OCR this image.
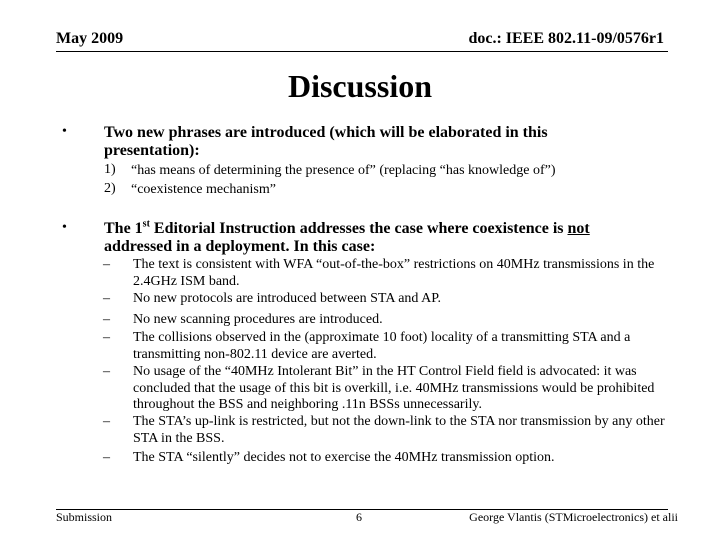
May 2009	doc.: IEEE 802.11-09/0576r1
Discussion
• Two new phrases are introduced (which will be elaborated in this presentation):
1) “has means of determining the presence of” (replacing “has knowledge of”)
2) “coexistence mechanism”
• The 1st Editorial Instruction addresses the case where coexistence is not addressed in a deployment. In this case:
– The text is consistent with WFA “out-of-the-box” restrictions on 40MHz transmissions in the 2.4GHz ISM band.
– No new protocols are introduced between STA and AP.
– No new scanning procedures are introduced.
– The collisions observed in the (approximate 10 foot) locality of a transmitting STA and a transmitting non-802.11 device are averted.
– No usage of the “40MHz Intolerant Bit” in the HT Control Field field is advocated: it was concluded that the usage of this bit is overkill, i.e. 40MHz transmissions would be prohibited throughout the BSS and neighboring .11n BSSs unnecessarily.
– The STA’s up-link is restricted, but not the down-link to the STA nor transmission by any other STA in the BSS.
– The STA “silently” decides not to exercise the 40MHz transmission option.
Submission	6	George Vlantis (STMicroelectronics) et alii
